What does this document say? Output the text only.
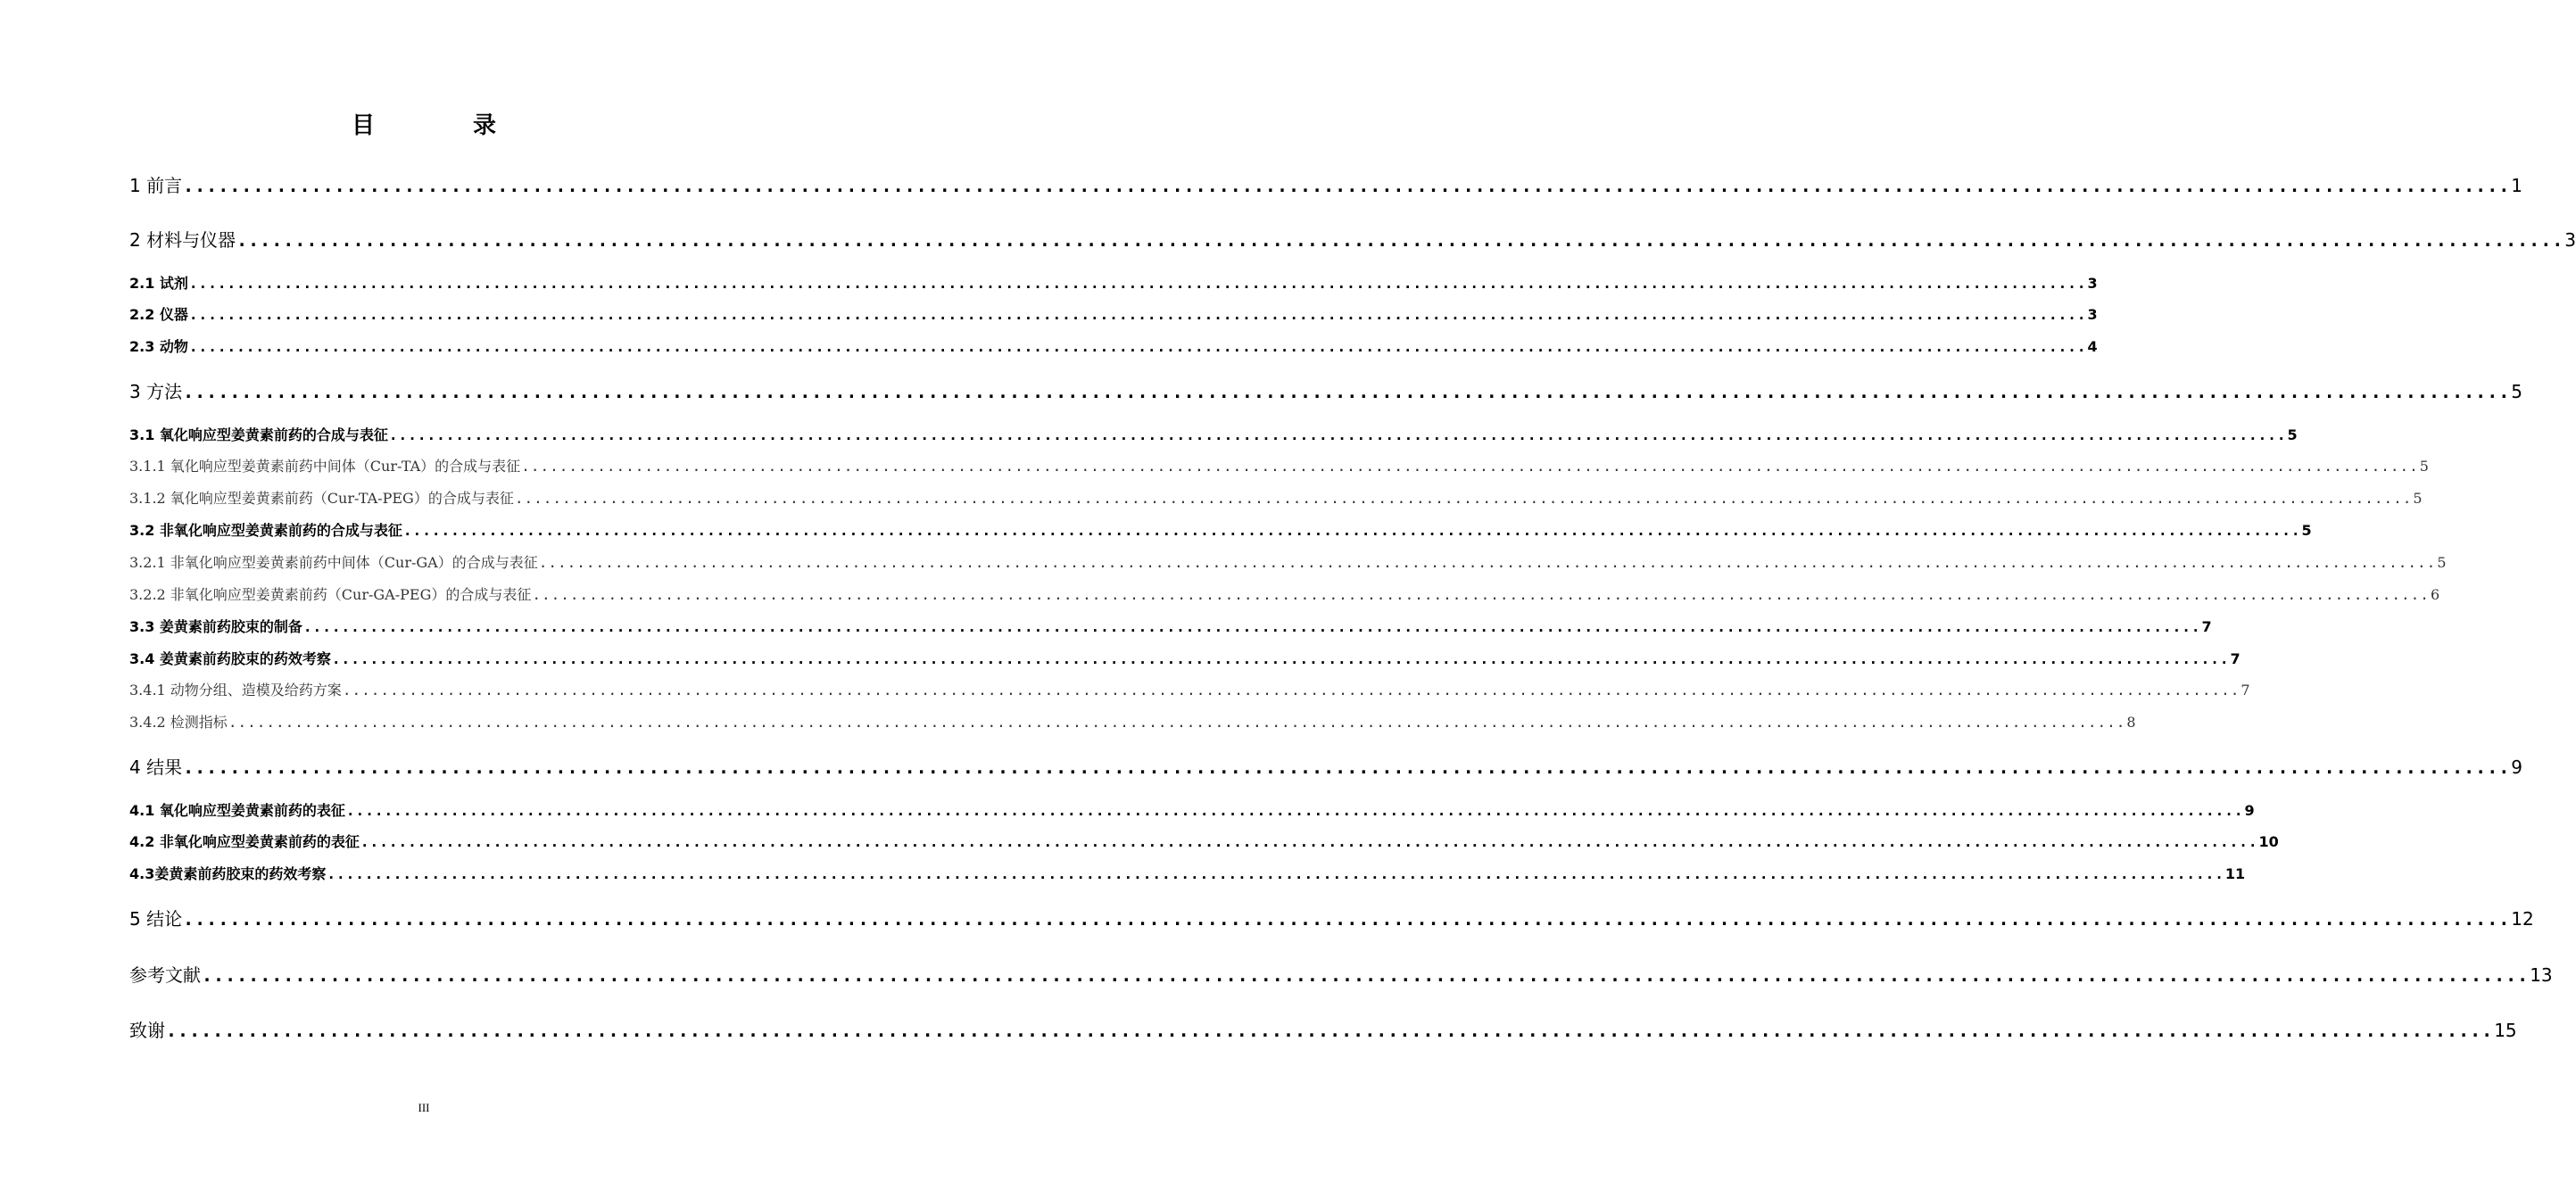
目　录
1 前言 ........................................................................................................................................................................................................ 1
2 材料与仪器 ........................................................................................................................................................................................................ 3
2.1 试剂 ........................................................................................................................................................................................................ 3
2.2 仪器 ........................................................................................................................................................................................................ 3
2.3 动物 ........................................................................................................................................................................................................ 4
3 方法 ........................................................................................................................................................................................................ 5
3.1 氧化响应型姜黄素前药的合成与表征 ........................................................................................................................................................................................................ 5
3.1.1 氧化响应型姜黄素前药中间体（Cur-TA）的合成与表征 ........................................................................................................................................................................................................ 5
3.1.2 氧化响应型姜黄素前药（Cur-TA-PEG）的合成与表征 ........................................................................................................................................................................................................ 5
3.2 非氧化响应型姜黄素前药的合成与表征 ........................................................................................................................................................................................................ 5
3.2.1 非氧化响应型姜黄素前药中间体（Cur-GA）的合成与表征 ........................................................................................................................................................................................................ 5
3.2.2 非氧化响应型姜黄素前药（Cur-GA-PEG）的合成与表征 ........................................................................................................................................................................................................ 6
3.3 姜黄素前药胶束的制备 ........................................................................................................................................................................................................ 7
3.4 姜黄素前药胶束的药效考察 ........................................................................................................................................................................................................ 7
3.4.1 动物分组、造模及给药方案 ........................................................................................................................................................................................................ 7
3.4.2 检测指标 ........................................................................................................................................................................................................ 8
4 结果 ........................................................................................................................................................................................................ 9
4.1 氧化响应型姜黄素前药的表征 ........................................................................................................................................................................................................ 9
4.2 非氧化响应型姜黄素前药的表征 ........................................................................................................................................................................................................ 10
4.3姜黄素前药胶束的药效考察 ........................................................................................................................................................................................................ 11
5 结论 ........................................................................................................................................................................................................ 12
参考文献 ........................................................................................................................................................................................................ 13
致谢 ........................................................................................................................................................................................................ 15
III
